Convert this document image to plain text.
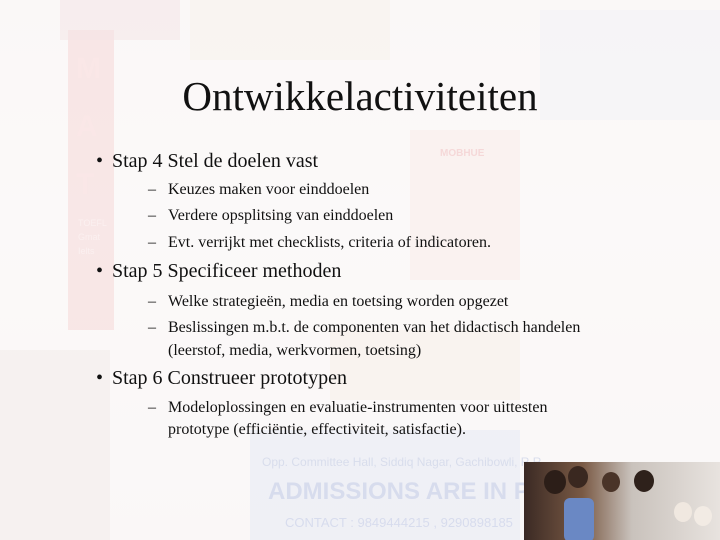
Ontwikkelactiviteiten
• Stap 4 Stel de doelen vast
– Keuzes maken voor einddoelen
– Verdere opsplitsing van einddoelen
– Evt. verrijkt met checklists, criteria of indicatoren.
• Stap 5 Specificeer methoden
– Welke strategieën, media en toetsing worden opgezet
– Beslissingen m.b.t. de componenten van het didactisch handelen
(leerstof, media, werkvormen, toetsing)
• Stap 6 Construeer prototypen
– Modeloplossingen en evaluatie-instrumenten voor uittesten
prototype (efficiëntie, effectiviteit, satisfactie).
